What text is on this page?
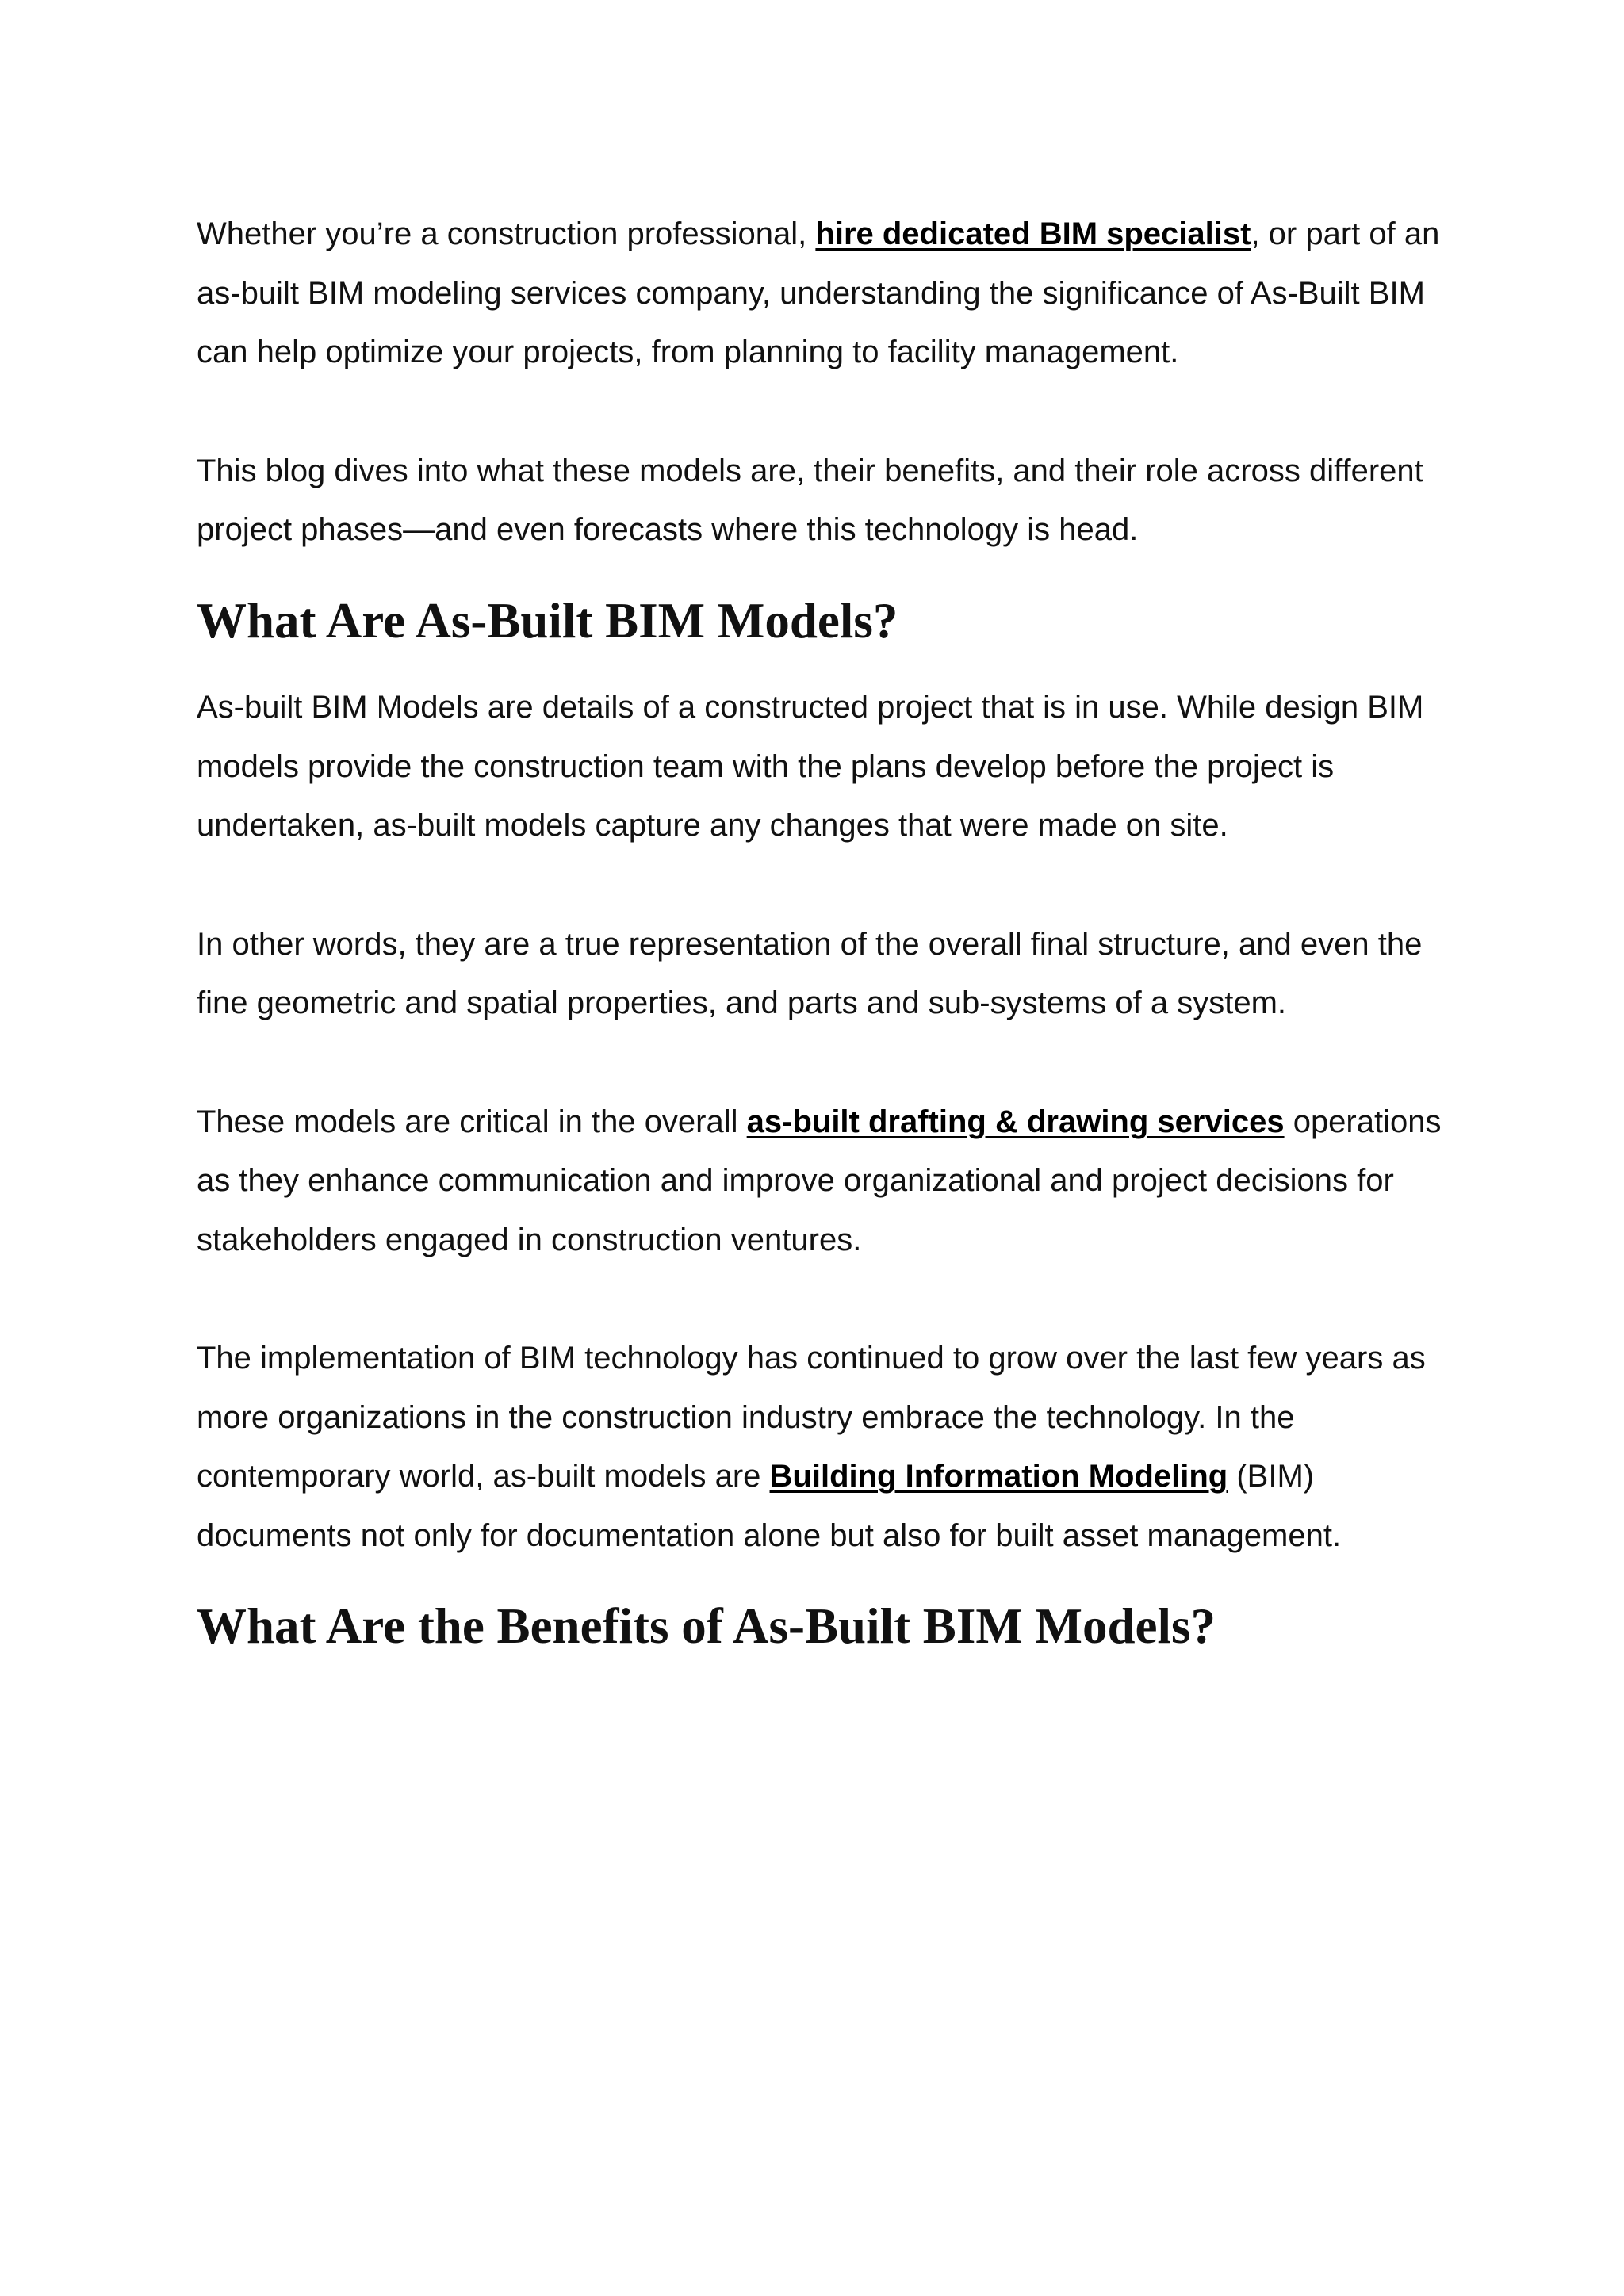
Whether you’re a construction professional, hire dedicated BIM specialist, or part of an as-built BIM modeling services company, understanding the significance of As-Built BIM can help optimize your projects, from planning to facility management.

This blog dives into what these models are, their benefits, and their role across different project phases—and even forecasts where this technology is head.

What Are As-Built BIM Models?

As-built BIM Models are details of a constructed project that is in use. While design BIM models provide the construction team with the plans develop before the project is undertaken, as-built models capture any changes that were made on site.

In other words, they are a true representation of the overall final structure, and even the fine geometric and spatial properties, and parts and sub-systems of a system.

These models are critical in the overall as-built drafting & drawing services operations as they enhance communication and improve organizational and project decisions for stakeholders engaged in construction ventures.

The implementation of BIM technology has continued to grow over the last few years as more organizations in the construction industry embrace the technology. In the contemporary world, as-built models are Building Information Modeling (BIM) documents not only for documentation alone but also for built asset management.

What Are the Benefits of As-Built BIM Models?
